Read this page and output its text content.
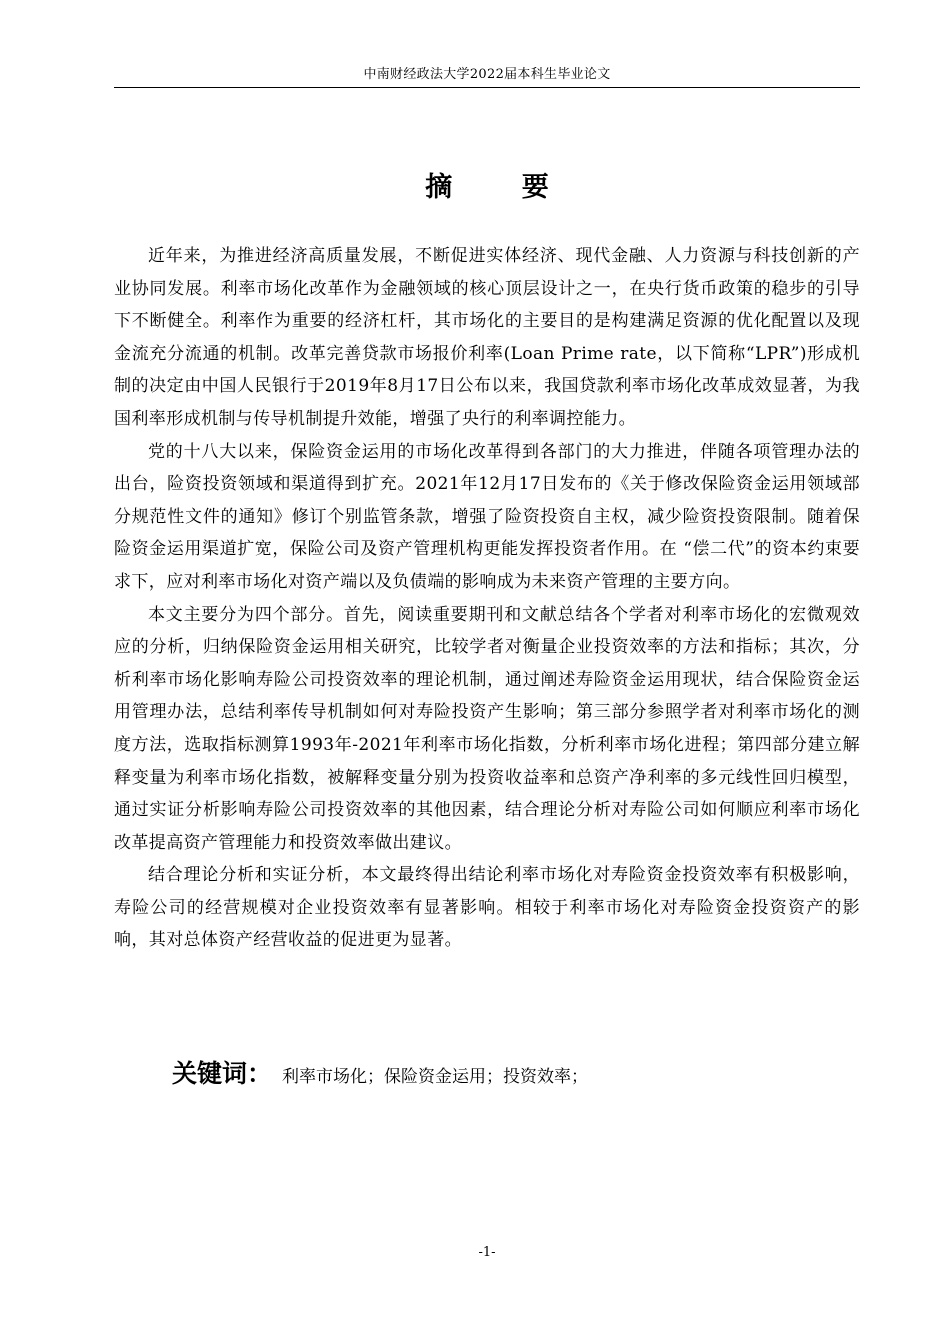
中南财经政法大学2022届本科生毕业论文
摘 要

近年来，为推进经济高质量发展，不断促进实体经济、现代金融、人力资源与科技创新的产业协同发展。利率市场化改革作为金融领域的核心顶层设计之一，在央行货币政策的稳步的引导下不断健全。利率作为重要的经济杠杆，其市场化的主要目的是构建满足资源的优化配置以及现金流充分流通的机制。改革完善贷款市场报价利率(Loan Prime rate，以下简称“LPR”)形成机制的决定由中国人民银行于2019年8月17日公布以来，我国贷款利率市场化改革成效显著，为我国利率形成机制与传导机制提升效能，增强了央行的利率调控能力。

党的十八大以来，保险资金运用的市场化改革得到各部门的大力推进，伴随各项管理办法的出台，险资投资领域和渠道得到扩充。2021年12月17日发布的《关于修改保险资金运用领域部分规范性文件的通知》修订个别监管条款，增强了险资投资自主权，减少险资投资限制。随着保险资金运用渠道扩宽，保险公司及资产管理机构更能发挥投资者作用。在 “偿二代”的资本约束要求下，应对利率市场化对资产端以及负债端的影响成为未来资产管理的主要方向。

本文主要分为四个部分。首先，阅读重要期刊和文献总结各个学者对利率市场化的宏微观效应的分析，归纳保险资金运用相关研究，比较学者对衡量企业投资效率的方法和指标；其次，分析利率市场化影响寿险公司投资效率的理论机制，通过阐述寿险资金运用现状，结合保险资金运用管理办法，总结利率传导机制如何对寿险投资产生影响；第三部分参照学者对利率市场化的测度方法，选取指标测算1993年-2021年利率市场化指数，分析利率市场化进程；第四部分建立解释变量为利率市场化指数，被解释变量分别为投资收益率和总资产净利率的多元线性回归模型，通过实证分析影响寿险公司投资效率的其他因素，结合理论分析对寿险公司如何顺应利率市场化改革提高资产管理能力和投资效率做出建议。

结合理论分析和实证分析，本文最终得出结论利率市场化对寿险资金投资效率有积极影响，寿险公司的经营规模对企业投资效率有显著影响。相较于利率市场化对寿险资金投资资产的影响，其对总体资产经营收益的促进更为显著。

关键词： 利率市场化；保险资金运用；投资效率；
-1-
